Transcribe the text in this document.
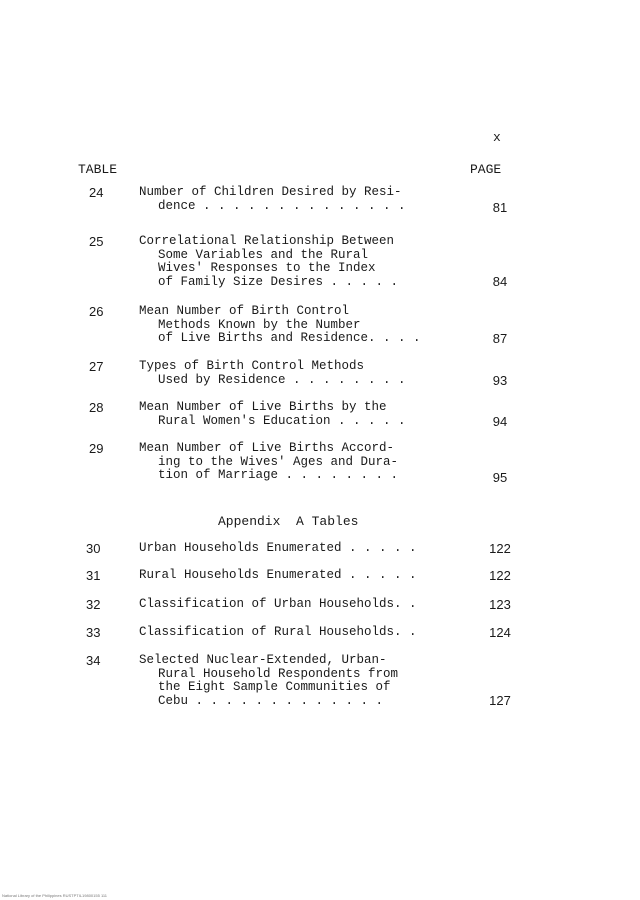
x
TABLE	PAGE
24	Number of Children Desired by Resi-
dence . . . . . . . . . . . . . .	81
25	Correlational Relationship Between
Some Variables and the Rural
Wives' Responses to the Index
of Family Size Desires . . . . .	84
26	Mean Number of Birth Control
Methods Known by the Number
of Live Births and Residence. . . .	87
27	Types of Birth Control Methods
Used by Residence . . . . . . . .	93
28	Mean Number of Live Births by the
Rural Women's Education . . . . .	94
29	Mean Number of Live Births Accord-
ing to the Wives' Ages and Dura-
tion of Marriage . . . . . . . .	95
Appendix  A Tables
30	Urban Households Enumerated . . . . .	122
31	Rural Households Enumerated . . . . .	122
32	Classification of Urban Households. .	123
33	Classification of Rural Households. .	124
34	Selected Nuclear-Extended, Urban-
Rural Household Respondents from
the Eight Sample Communities of
Cebu . . . . . . . . . . . . .	127
National Library of the Philippines RUSTPTIL19800155 111
